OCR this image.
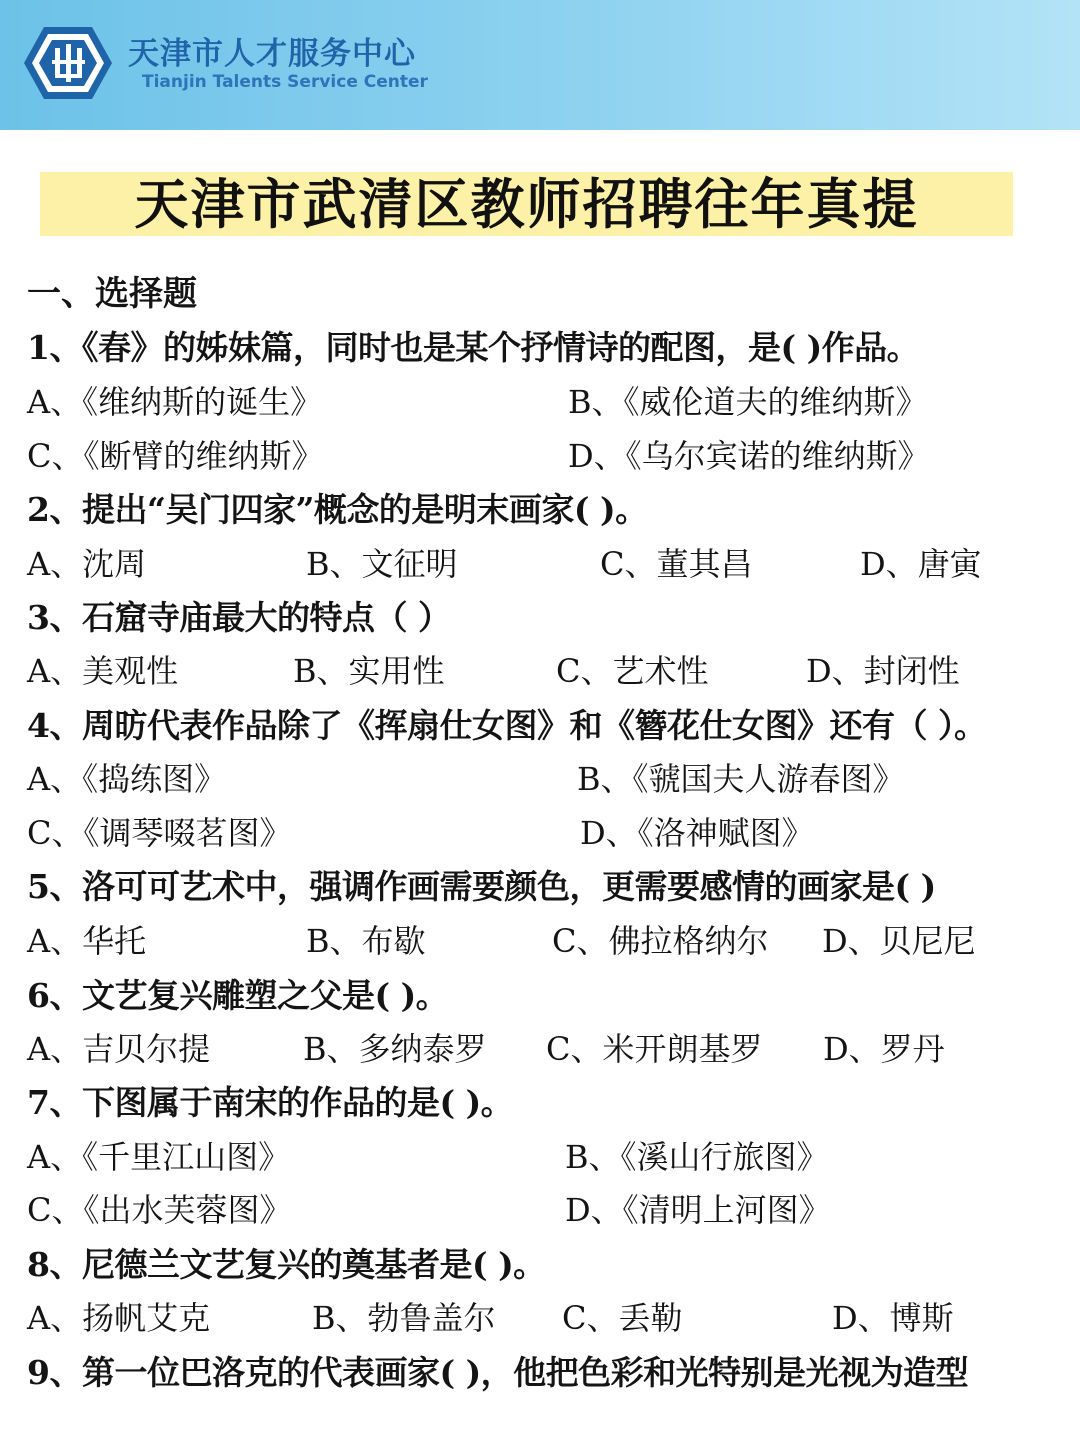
天津市人才服务中心
Tianjin Talents Service Center
天津市武清区教师招聘往年真提
一、选择题
1、《春》的姊妹篇，同时也是某个抒情诗的配图，是( )作品。
A、《维纳斯的诞生》	B、《威伦道夫的维纳斯》
C、《断臂的维纳斯》	D、《乌尔宾诺的维纳斯》
2、提出“吴门四家”概念的是明末画家( )。
A、沈周	B、文征明	C、董其昌	D、唐寅
3、石窟寺庙最大的特点（ ）
A、美观性	B、实用性	C、艺术性	D、封闭性
4、周昉代表作品除了《挥扇仕女图》和《簪花仕女图》还有（ ）。
A、《捣练图》	B、《虢国夫人游春图》
C、《调琴啜茗图》	D、《洛神赋图》
5、洛可可艺术中，强调作画需要颜色，更需要感情的画家是( )
A、华托	B、布歇	C、佛拉格纳尔 D、贝尼尼
6、文艺复兴雕塑之父是( )。
A、吉贝尔提	B、多纳泰罗 C、米开朗基罗 D、罗丹
7、下图属于南宋的作品的是( )。
A、《千里江山图》	B、《溪山行旅图》
C、《出水芙蓉图》	D、《清明上河图》
8、尼德兰文艺复兴的奠基者是( )。
A、扬帆艾克	B、勃鲁盖尔 C、丢勒	D、博斯
9、第一位巴洛克的代表画家( )，他把色彩和光特别是光视为造型
